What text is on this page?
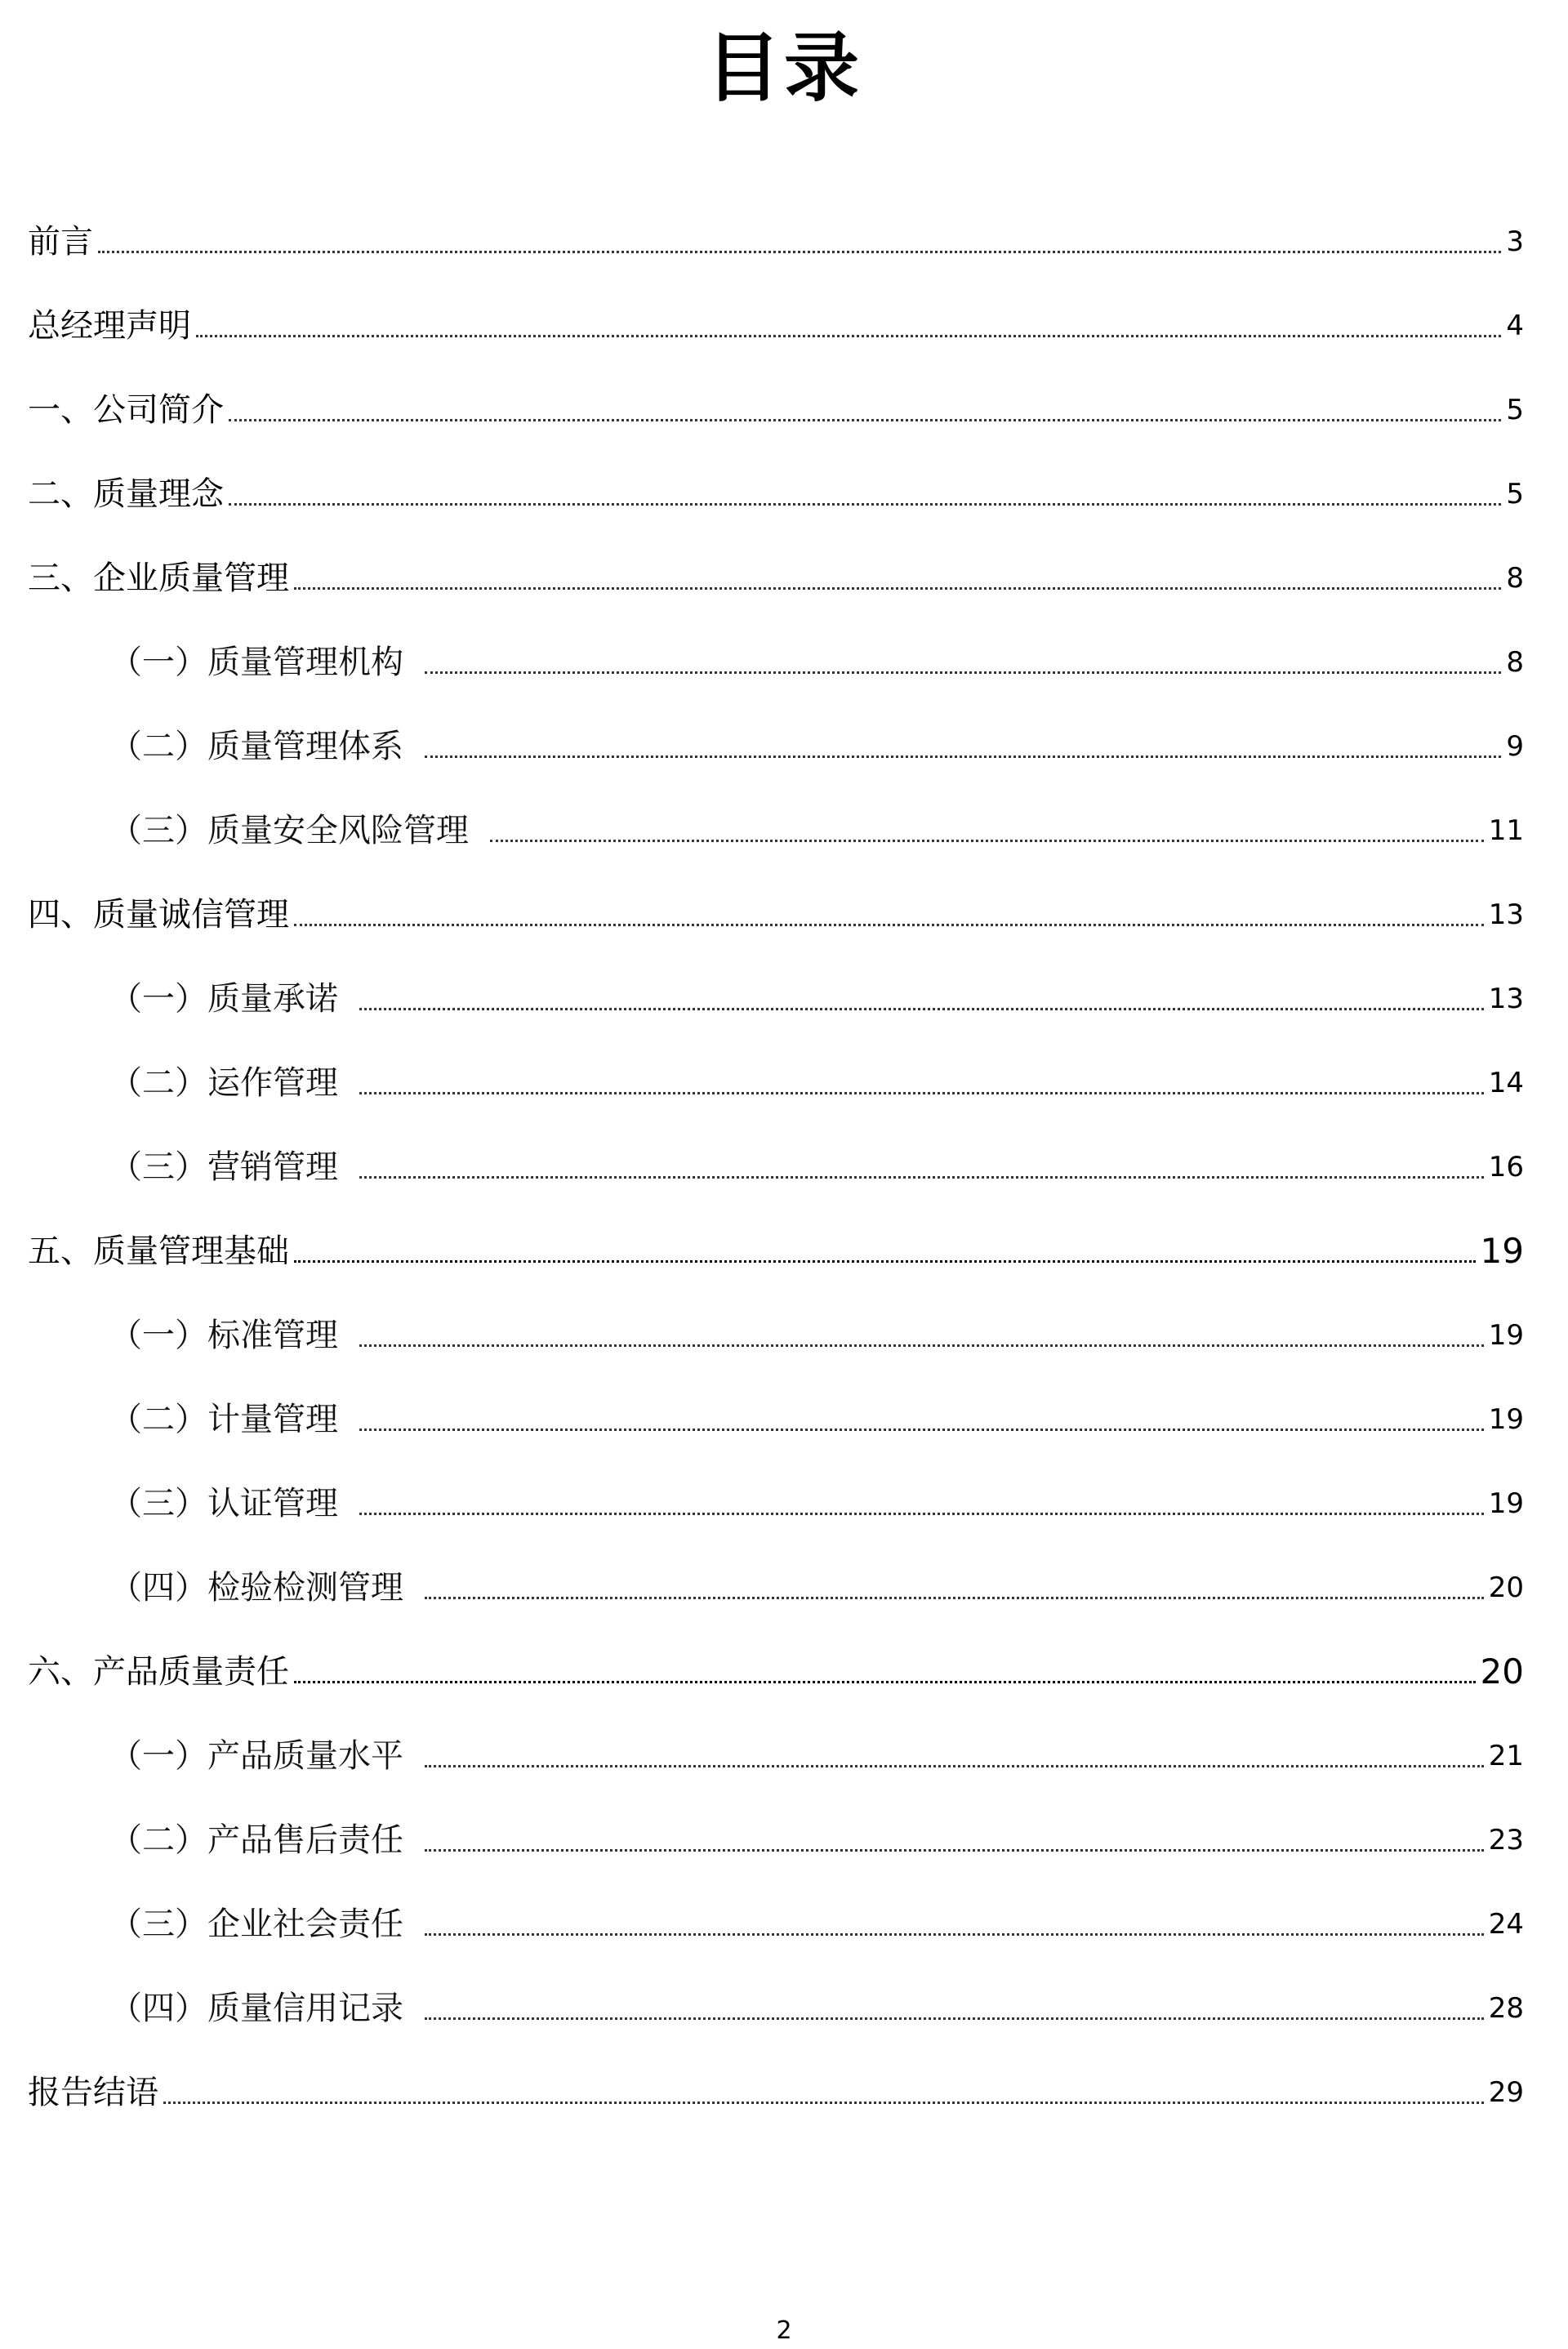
目录
前言	3
总经理声明	4
一、公司简介	5
二、质量理念	5
三、企业质量管理	8
（一）质量管理机构	8
（二）质量管理体系	9
（三）质量安全风险管理	11
四、质量诚信管理	13
（一）质量承诺	13
（二）运作管理	14
（三）营销管理	16
五、质量管理基础	19
（一）标准管理	19
（二）计量管理	19
（三）认证管理	19
（四）检验检测管理	20
六、产品质量责任	20
（一）产品质量水平	21
（二）产品售后责任	23
（三）企业社会责任	24
（四）质量信用记录	28
报告结语	29
2
